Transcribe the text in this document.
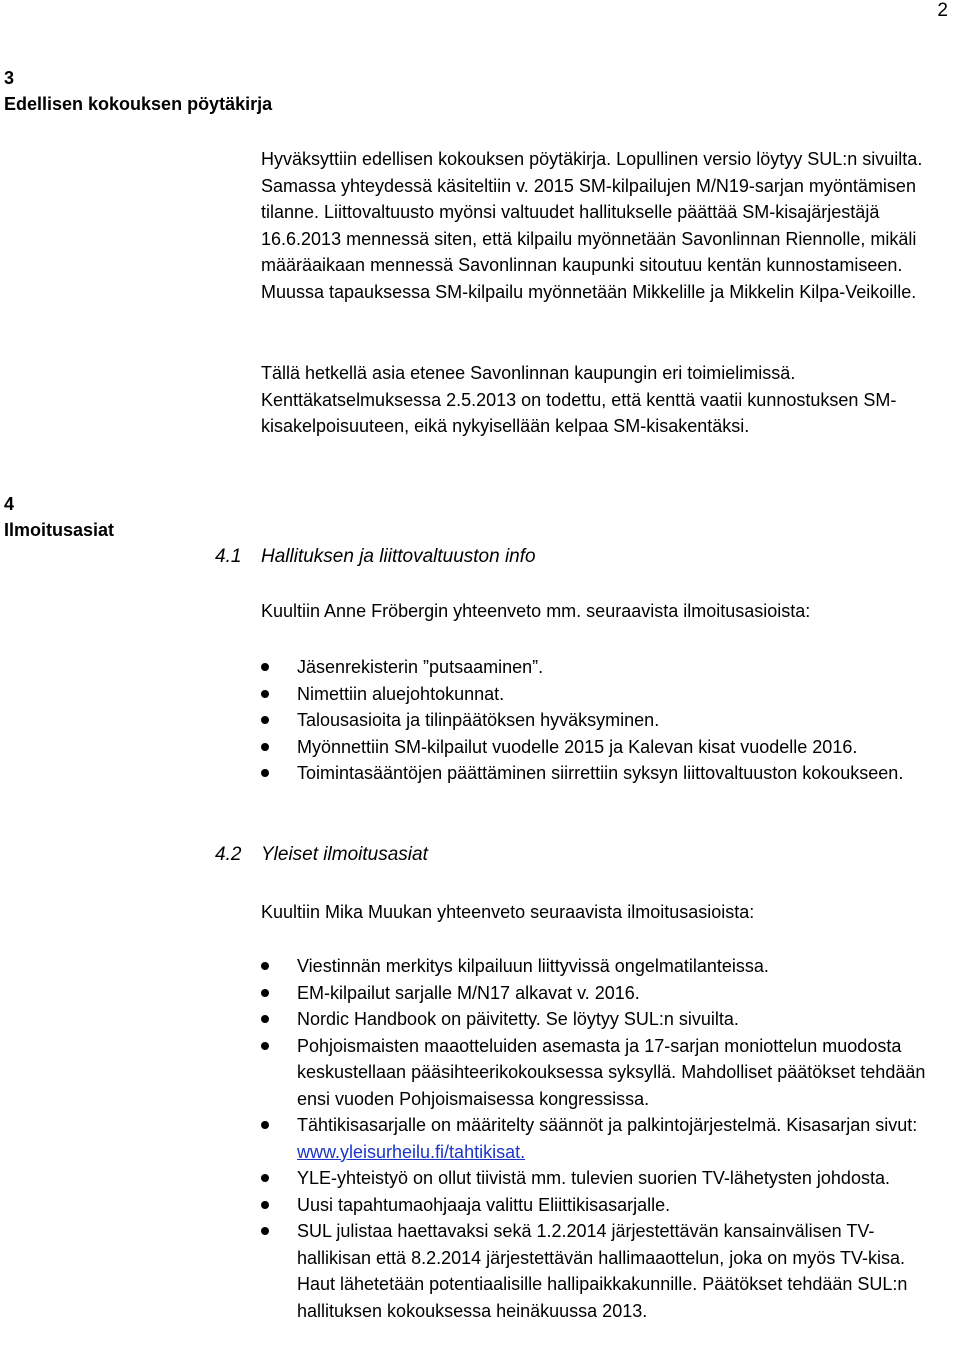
2
3
Edellisen kokouksen pöytäkirja

Hyväksyttiin edellisen kokouksen pöytäkirja. Lopullinen versio löytyy SUL:n sivuilta. Samassa yhteydessä käsiteltiin v. 2015 SM-kilpailujen M/N19-sarjan myöntämisen tilanne. Liittovaltuusto myönsi valtuudet hallitukselle päättää SM-kisajärjestäjä 16.6.2013 mennessä siten, että kilpailu myönnetään Savonlinnan Riennolle, mikäli määräaikaan mennessä Savonlinnan kaupunki sitoutuu kentän kunnostamiseen. Muussa tapauksessa SM-kilpailu myönnetään Mikkelille ja Mikkelin Kilpa-Veikoille.

Tällä hetkellä asia etenee Savonlinnan kaupungin eri toimielimissä. Kenttäkatselmuksessa 2.5.2013 on todettu, että kenttä vaatii kunnostuksen SM-kisakelpoisuuteen, eikä nykyisellään kelpaa SM-kisakentäksi.

4
Ilmoitusasiat
4.1 Hallituksen ja liittovaltuuston info

Kuultiin Anne Fröbergin yhteenveto mm. seuraavista ilmoitusasioista:

Jäsenrekisterin ”putsaaminen”.
Nimettiin aluejohtokunnat.
Talousasioita ja tilinpäätöksen hyväksyminen.
Myönnettiin SM-kilpailut vuodelle 2015 ja Kalevan kisat vuodelle 2016.
Toimintasääntöjen päättäminen siirrettiin syksyn liittovaltuuston kokoukseen.
4.2 Yleiset ilmoitusasiat

Kuultiin Mika Muukan yhteenveto seuraavista ilmoitusasioista:

Viestinnän merkitys kilpailuun liittyvissä ongelmatilanteissa.
EM-kilpailut sarjalle M/N17 alkavat v. 2016.
Nordic Handbook on päivitetty. Se löytyy SUL:n sivuilta.
Pohjoismaisten maaotteluiden asemasta ja 17-sarjan moniottelun muodosta keskustellaan pääsihteerikokouksessa syksyllä. Mahdolliset päätökset tehdään ensi vuoden Pohjoismaisessa kongressissa.
Tähtikisasarjalle on määritelty säännöt ja palkintojärjestelmä. Kisasarjan sivut: www.yleisurheilu.fi/tahtikisat.
YLE-yhteistyö on ollut tiivistä mm. tulevien suorien TV-lähetysten johdosta.
Uusi tapahtumaohjaaja valittu Eliittikisasarjalle.
SUL julistaa haettavaksi sekä 1.2.2014 järjestettävän kansainvälisen TV-hallikisan että 8.2.2014 järjestettävän hallimaaottelun, joka on myös TV-kisa. Haut lähetetään potentiaalisille hallipaikkakunnille. Päätökset tehdään SUL:n hallituksen kokouksessa heinäkuussa 2013.
